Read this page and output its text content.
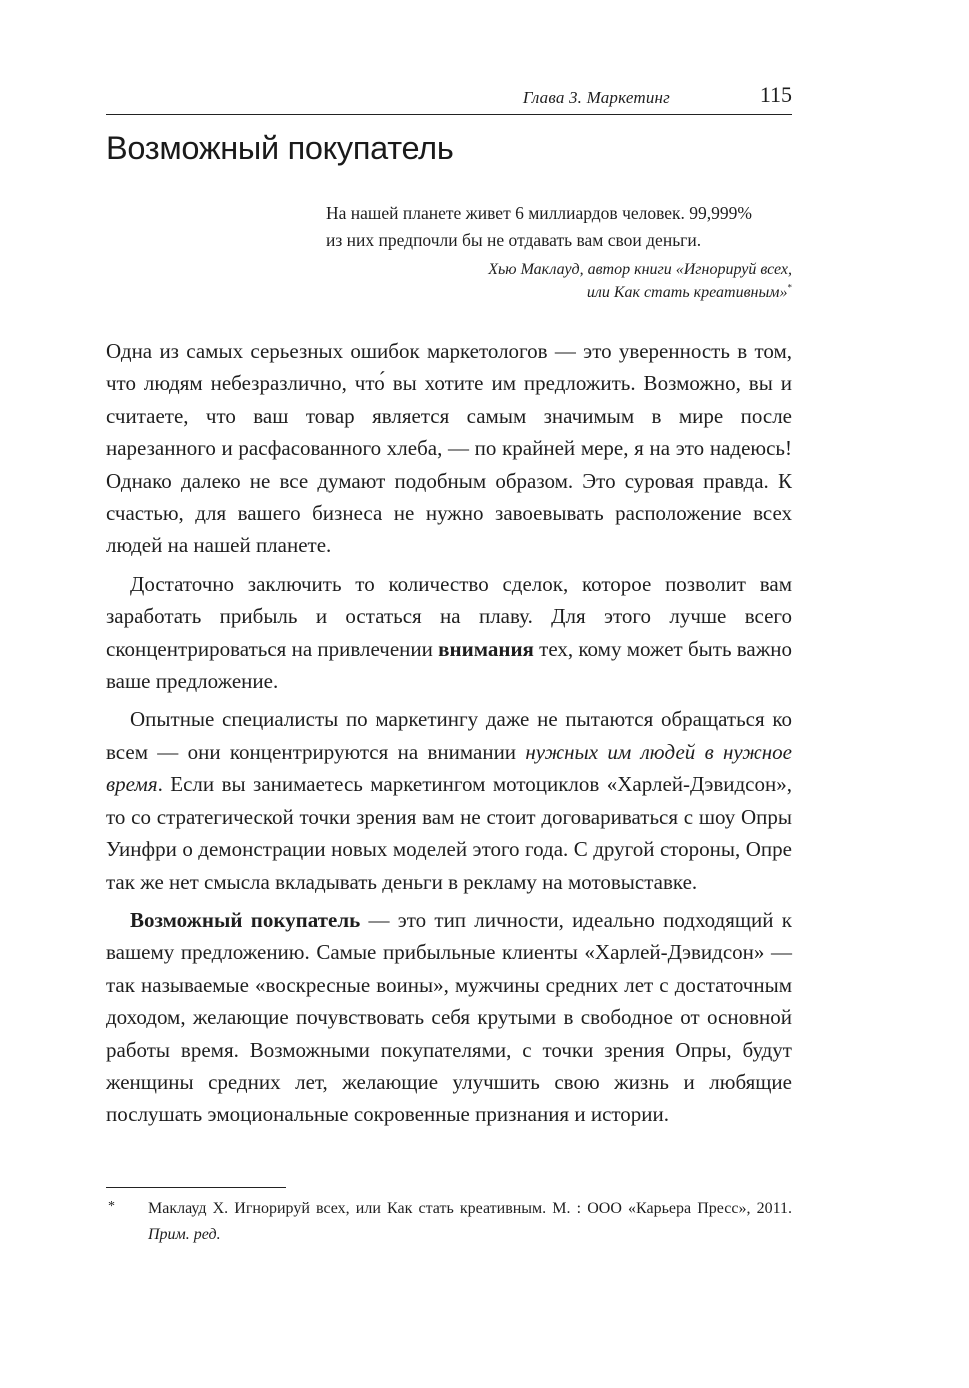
Глава 3. Маркетинг	115
Возможный покупатель

На нашей планете живет 6 миллиардов человек. 99,999%
из них предпочли бы не отдавать вам свои деньги.

Хью Маклауд, автор книги «Игнорируй всех,
или Как стать креативным»*

Одна из самых серьезных ошибок маркетологов — это уверенность в том, что людям небезразлично, что́ вы хотите им предложить. Возможно, вы и считаете, что ваш товар является самым значимым в мире после нарезанного и расфасованного хлеба, — по крайней мере, я на это надеюсь! Однако далеко не все думают подобным образом. Это суровая правда. К счастью, для вашего бизнеса не нужно завоевывать расположение всех людей на нашей планете.

Достаточно заключить то количество сделок, которое позволит вам заработать прибыль и остаться на плаву. Для этого лучше всего сконцентрироваться на привлечении внимания тех, кому может быть важно ваше предложение.

Опытные специалисты по маркетингу даже не пытаются обращаться ко всем — они концентрируются на внимании нужных им людей в нужное время. Если вы занимаетесь маркетингом мотоциклов «Харлей-Дэвидсон», то со стратегической точки зрения вам не стоит договариваться с шоу Опры Уинфри о демонстрации новых моделей этого года. С другой стороны, Опре так же нет смысла вкладывать деньги в рекламу на мотовыставке.

Возможный покупатель — это тип личности, идеально подходящий к вашему предложению. Самые прибыльные клиенты «Харлей-Дэвидсон» — так называемые «воскресные воины», мужчины средних лет с достаточным доходом, желающие почувствовать себя крутыми в свободное от основной работы время. Возможными покупателями, с точки зрения Опры, будут женщины средних лет, желающие улучшить свою жизнь и любящие послушать эмоциональные сокровенные признания и истории.

* Маклауд Х. Игнорируй всех, или Как стать креативным. М. : ООО «Карьера Пресс», 2011. Прим. ред.
